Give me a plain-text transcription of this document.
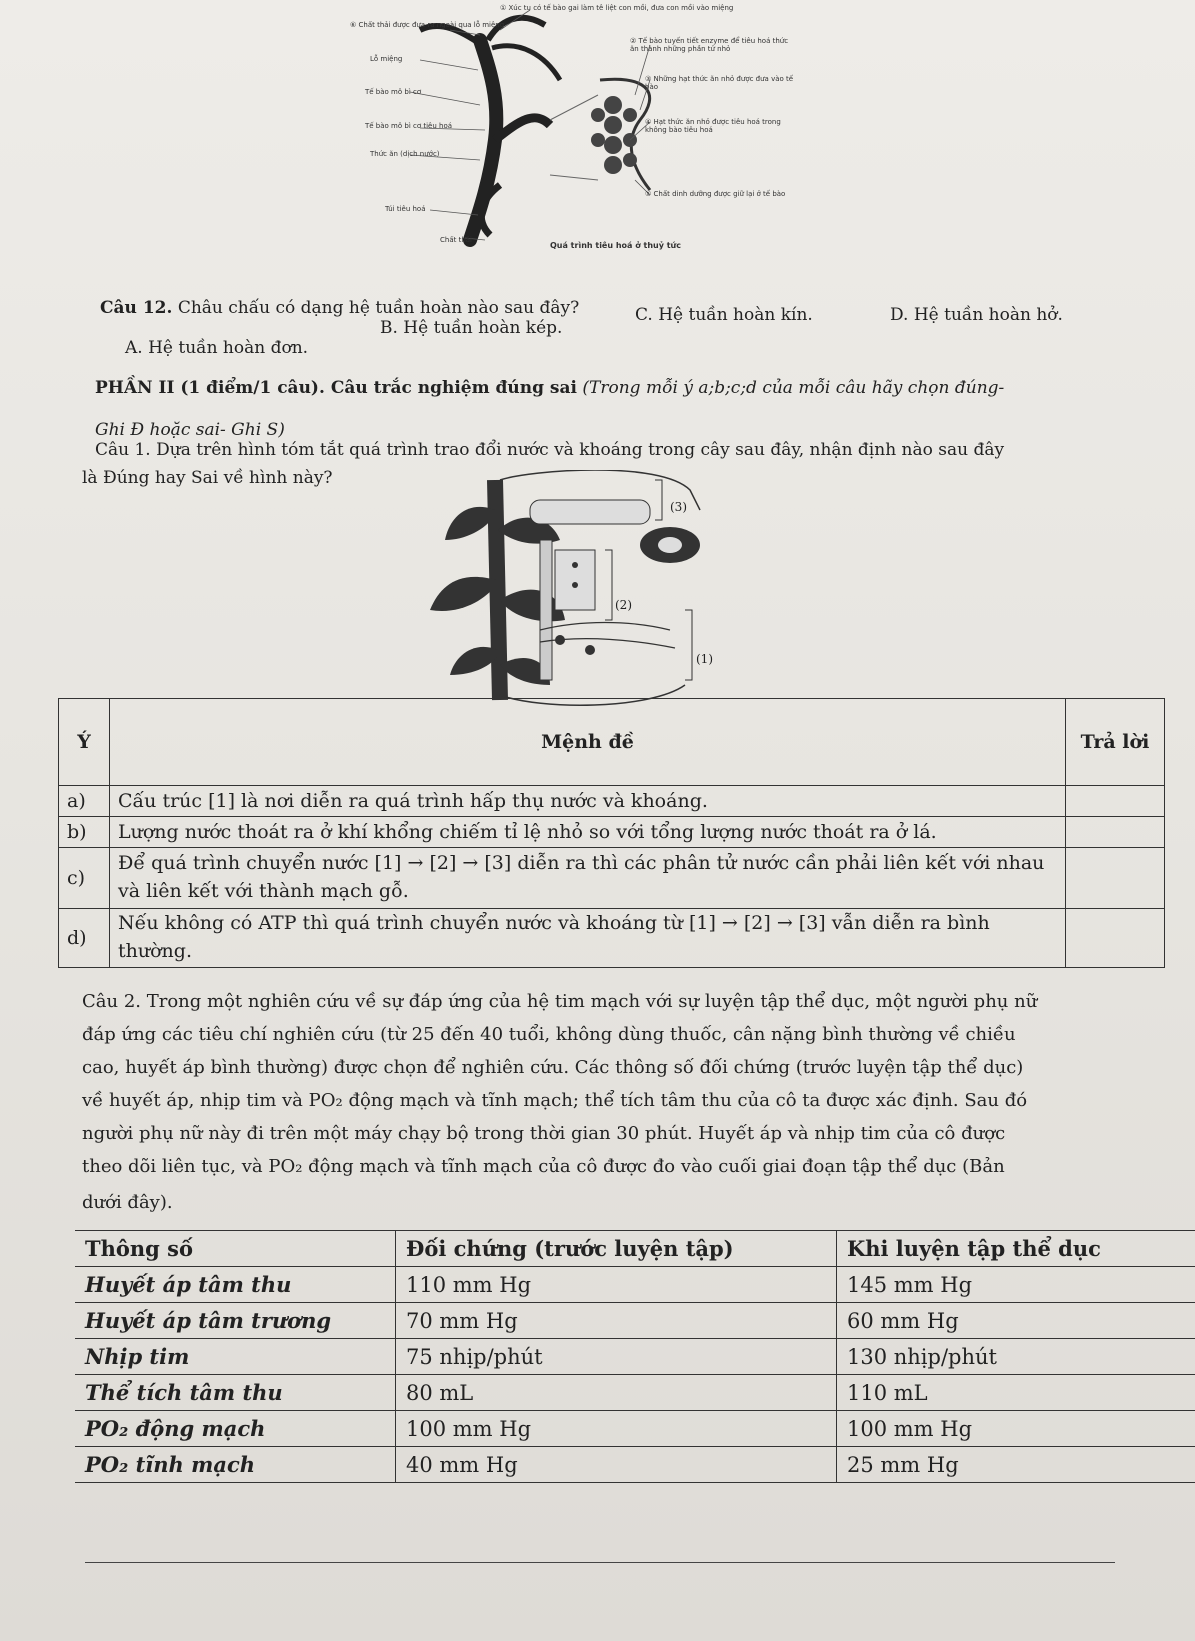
① Xúc tu có tế bào gai làm tê liệt con mồi, đưa con mồi vào miệng
⑥ Chất thải được đưa ra ngoài qua lỗ miệng
Lỗ miệng
Tế bào mô bì cơ
Tế bào mô bì cơ tiêu hoá
Thức ăn (dịch nước)
Túi tiêu hoá
Chất thải
② Tế bào tuyến tiết enzyme để tiêu hoá thức ăn thành những phần tử nhỏ
③ Những hạt thức ăn nhỏ được đưa vào tế bào
④ Hạt thức ăn nhỏ được tiêu hoá trong không bào tiêu hoá
⑤ Chất dinh dưỡng được giữ lại ở tế bào
Quá trình tiêu hoá ở thuỷ tức
Câu 12. Châu chấu có dạng hệ tuần hoàn nào sau đây?
A. Hệ tuần hoàn đơn.
B. Hệ tuần hoàn kép.
C. Hệ tuần hoàn kín.	D. Hệ tuần hoàn hở.
PHẦN II (1 điểm/1 câu). Câu trắc nghiệm đúng sai (Trong mỗi ý a;b;c;d của mỗi câu hãy chọn đúng-
Ghi Đ hoặc sai- Ghi S)
Câu 1. Dựa trên hình tóm tắt quá trình trao đổi nước và khoáng trong cây sau đây, nhận định nào sau đây
là Đúng hay Sai về hình này?
(3)
(2)
(1)
Ý	Mệnh đề	Trả lời
a)	Cấu trúc [1] là nơi diễn ra quá trình hấp thụ nước và khoáng.	
b)	Lượng nước thoát ra ở khí khổng chiếm tỉ lệ nhỏ so với tổng lượng nước thoát ra ở lá.	
c)	Để quá trình chuyển nước [1] → [2] → [3] diễn ra thì các phân tử nước cần phải liên kết với nhau và liên kết với thành mạch gỗ.	
d)	Nếu không có ATP thì quá trình chuyển nước và khoáng từ [1] → [2] → [3] vẫn diễn ra bình thường.	
Câu 2. Trong một nghiên cứu về sự đáp ứng của hệ tim mạch với sự luyện tập thể dục, một người phụ nữ
đáp ứng các tiêu chí nghiên cứu (từ 25 đến 40 tuổi, không dùng thuốc, cân nặng bình thường về chiều
cao, huyết áp bình thường) được chọn để nghiên cứu. Các thông số đối chứng (trước luyện tập thể dục)
về huyết áp, nhịp tim và PO₂ động mạch và tĩnh mạch; thể tích tâm thu của cô ta được xác định. Sau đó
người phụ nữ này đi trên một máy chạy bộ trong thời gian 30 phút. Huyết áp và nhịp tim của cô được
theo dõi liên tục, và PO₂ động mạch và tĩnh mạch của cô được đo vào cuối giai đoạn tập thể dục (Bản
dưới đây).
Thông số	Đối chứng (trước luyện tập)	Khi luyện tập thể dục
Huyết áp tâm thu	110 mm Hg	145 mm Hg
Huyết áp tâm trương	70 mm Hg	60 mm Hg
Nhịp tim	75 nhịp/phút	130 nhịp/phút
Thể tích tâm thu	80 mL	110 mL
PO₂ động mạch	100 mm Hg	100 mm Hg
PO₂ tĩnh mạch	40 mm Hg	25 mm Hg
